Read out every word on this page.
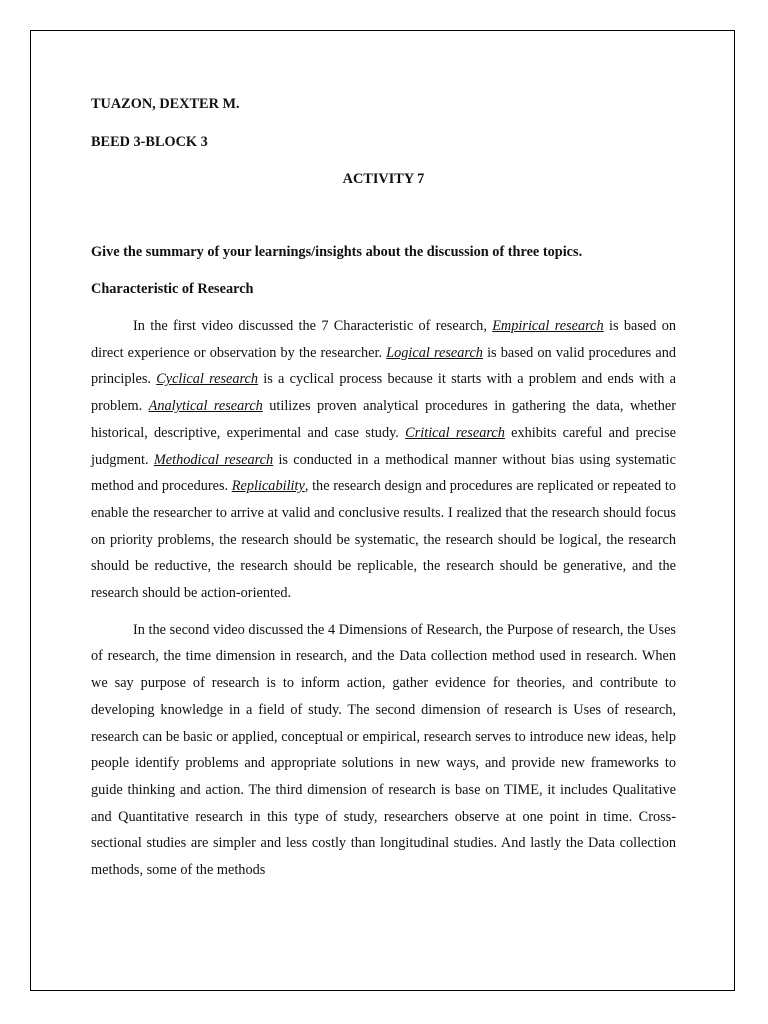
TUAZON, DEXTER M.

BEED 3-BLOCK 3

ACTIVITY 7

Give the summary of your learnings/insights about the discussion of three topics.

Characteristic of Research

In the first video discussed the 7 Characteristic of research, Empirical research is based on direct experience or observation by the researcher. Logical research is based on valid procedures and principles. Cyclical research is a cyclical process because it starts with a problem and ends with a problem. Analytical research utilizes proven analytical procedures in gathering the data, whether historical, descriptive, experimental and case study. Critical research exhibits careful and precise judgment. Methodical research is conducted in a methodical manner without bias using systematic method and procedures. Replicability, the research design and procedures are replicated or repeated to enable the researcher to arrive at valid and conclusive results. I realized that the research should focus on priority problems, the research should be systematic, the research should be logical, the research should be reductive, the research should be replicable, the research should be generative, and the research should be action-oriented.

In the second video discussed the 4 Dimensions of Research, the Purpose of research, the Uses of research, the time dimension in research, and the Data collection method used in research. When we say purpose of research is to inform action, gather evidence for theories, and contribute to developing knowledge in a field of study. The second dimension of research is Uses of research, research can be basic or applied, conceptual or empirical, research serves to introduce new ideas, help people identify problems and appropriate solutions in new ways, and provide new frameworks to guide thinking and action. The third dimension of research is base on TIME, it includes Qualitative and Quantitative research in this type of study, researchers observe at one point in time. Cross-sectional studies are simpler and less costly than longitudinal studies. And lastly the Data collection methods, some of the methods
